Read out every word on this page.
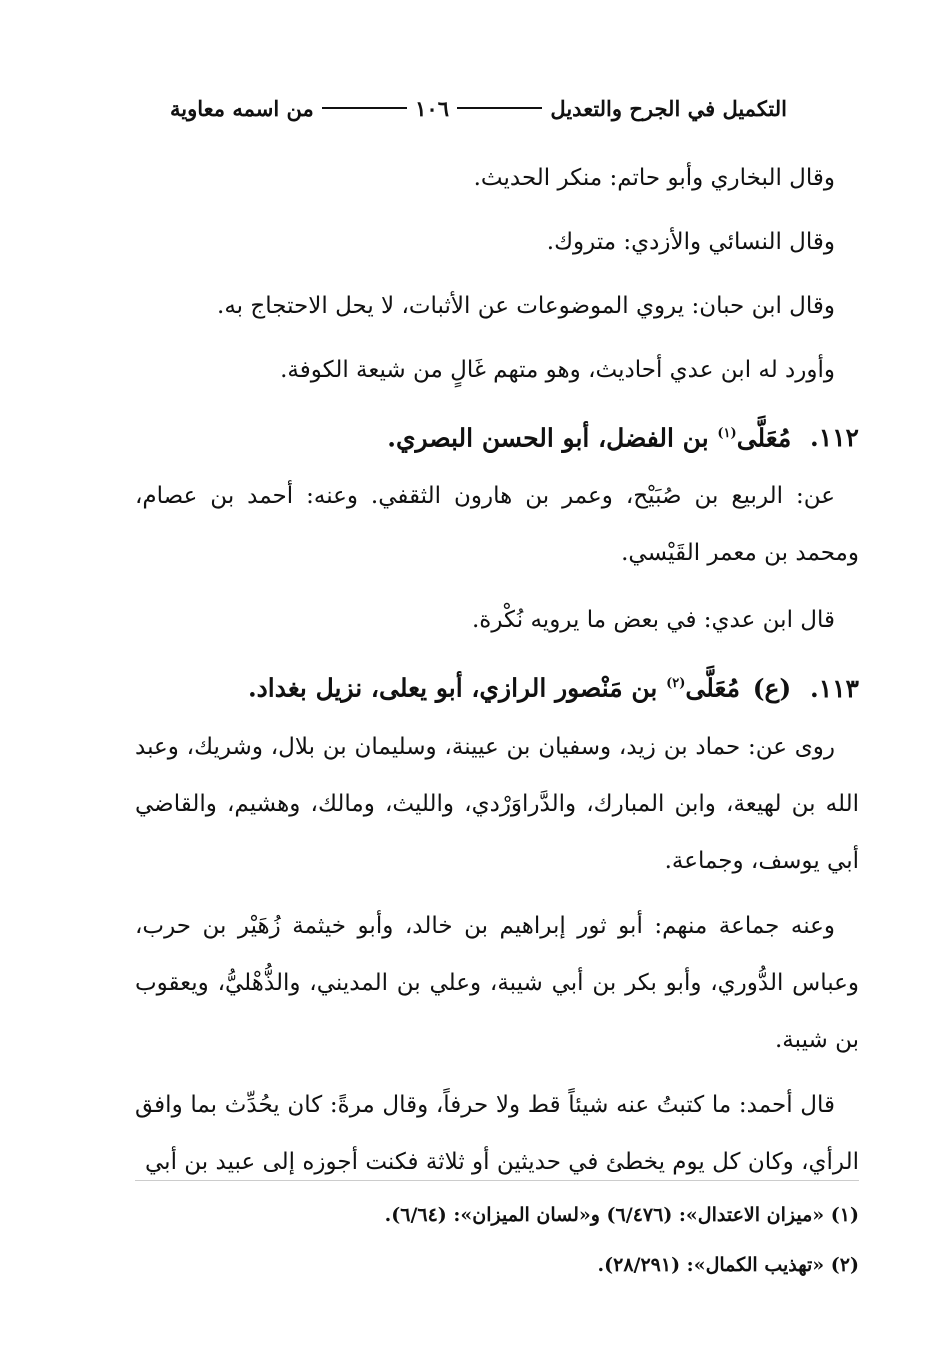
التكميل في الجرح والتعديل
١٠٦
من اسمه معاوية

وقال البخاري وأبو حاتم: منكر الحديث.

وقال النسائي والأزدي: متروك.

وقال ابن حبان: يروي الموضوعات عن الأثبات، لا يحل الاحتجاج به.

وأورد له ابن عدي أحاديث، وهو متهم غَالٍ من شيعة الكوفة.

١١٢. مُعَلَّى$^{(١)}$ بن الفضل، أبو الحسن البصري.

عن: الربيع بن صُبَيْح، وعمر بن هارون الثقفي. وعنه: أحمد بن عصام، ومحمد بن معمر القَيْسي.

قال ابن عدي: في بعض ما يرويه نُكْرة.

١١٣. (ع) مُعَلَّى$^{(٢)}$ بن مَنْصور الرازي، أبو يعلى، نزيل بغداد.

روى عن: حماد بن زيد، وسفيان بن عيينة، وسليمان بن بلال، وشريك، وعبد الله بن لهيعة، وابن المبارك، والدَّراوَرْدي، والليث، ومالك، وهشيم، والقاضي أبي يوسف، وجماعة.

وعنه جماعة منهم: أبو ثور إبراهيم بن خالد، وأبو خيثمة زُهَيْر بن حرب، وعباس الدُّوري، وأبو بكر بن أبي شيبة، وعلي بن المديني، والذُّهْليُّ، ويعقوب بن شيبة.

قال أحمد: ما كتبتُ عنه شيئاً قط ولا حرفاً، وقال مرةً: كان يحُدِّث بما وافق الرأي، وكان كل يوم يخطئ في حديثين أو ثلاثة فكنت أجوزه إلى عبيد بن أبي

(١) «ميزان الاعتدال»: (٦/٤٧٦) و«لسان الميزان»: (٦/٦٤).

(٢) «تهذيب الكمال»: (٢٨/٢٩١).
